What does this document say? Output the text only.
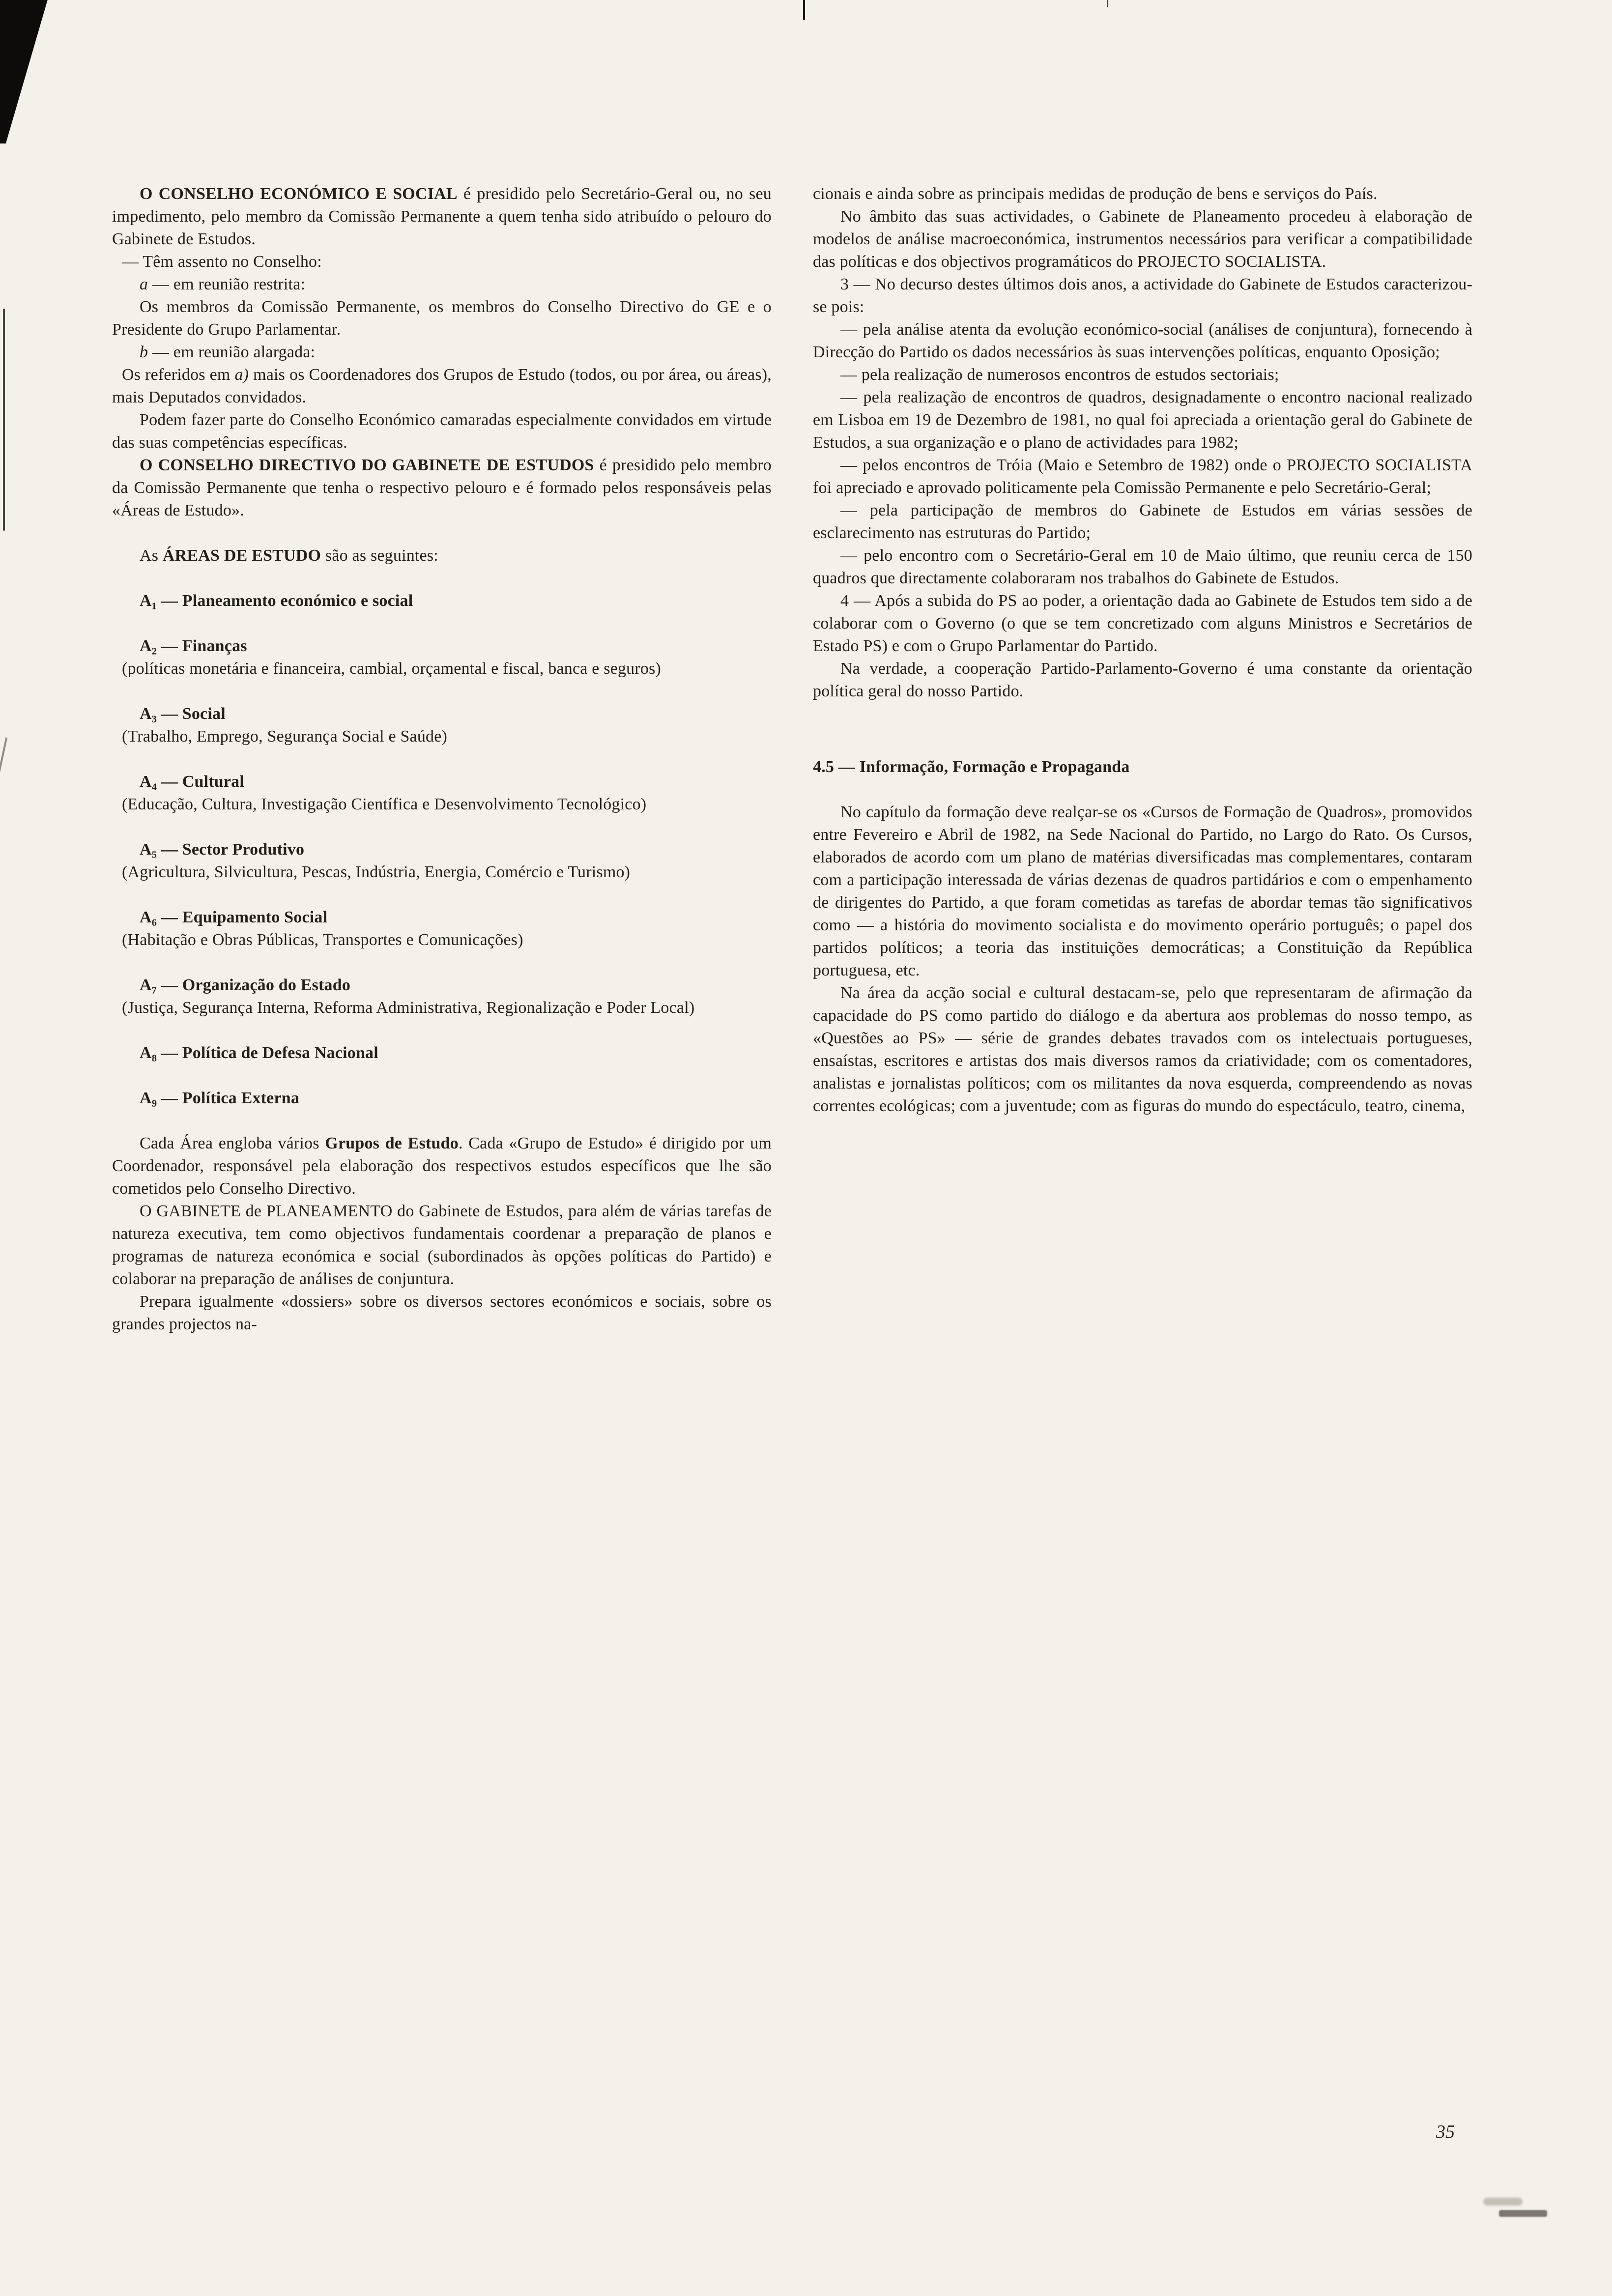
O CONSELHO ECONÓMICO E SOCIAL é presidido pelo Secretário-Geral ou, no seu impedimento, pelo membro da Comissão Permanente a quem tenha sido atribuído o pelouro do Gabinete de Estudos.

— Têm assento no Conselho:

a — em reunião restrita:

Os membros da Comissão Permanente, os membros do Conselho Directivo do GE e o Presidente do Grupo Parlamentar.

b — em reunião alargada:

Os referidos em a) mais os Coordenadores dos Grupos de Estudo (todos, ou por área, ou áreas), mais Deputados convidados.

Podem fazer parte do Conselho Económico camaradas especialmente convidados em virtude das suas competências específicas.

O CONSELHO DIRECTIVO DO GABINETE DE ESTUDOS é presidido pelo membro da Comissão Permanente que tenha o respectivo pelouro e é formado pelos responsáveis pelas «Áreas de Estudo».

As ÁREAS DE ESTUDO são as seguintes:

A₁ — Planeamento económico e social

A₂ — Finanças

(políticas monetária e financeira, cambial, orçamental e fiscal, banca e seguros)

A₃ — Social

(Trabalho, Emprego, Segurança Social e Saúde)

A₄ — Cultural

(Educação, Cultura, Investigação Científica e Desenvolvimento Tecnológico)

A₅ — Sector Produtivo

(Agricultura, Silvicultura, Pescas, Indústria, Energia, Comércio e Turismo)

A₆ — Equipamento Social

(Habitação e Obras Públicas, Transportes e Comunicações)

A₇ — Organização do Estado

(Justiça, Segurança Interna, Reforma Administrativa, Regionalização e Poder Local)

A₈ — Política de Defesa Nacional

A₉ — Política Externa

Cada Área engloba vários Grupos de Estudo. Cada «Grupo de Estudo» é dirigido por um Coordenador, responsável pela elaboração dos respectivos estudos específicos que lhe são cometidos pelo Conselho Directivo.

O GABINETE de PLANEAMENTO do Gabinete de Estudos, para além de várias tarefas de natureza executiva, tem como objectivos fundamentais coordenar a preparação de planos e programas de natureza económica e social (subordinados às opções políticas do Partido) e colaborar na preparação de análises de conjuntura.

Prepara igualmente «dossiers» sobre os diversos sectores económicos e sociais, sobre os grandes projectos na-

cionais e ainda sobre as principais medidas de produção de bens e serviços do País.

No âmbito das suas actividades, o Gabinete de Planeamento procedeu à elaboração de modelos de análise macroeconómica, instrumentos necessários para verificar a compatibilidade das políticas e dos objectivos programáticos do PROJECTO SOCIALISTA.

3 — No decurso destes últimos dois anos, a actividade do Gabinete de Estudos caracterizou-se pois:

— pela análise atenta da evolução económico-social (análises de conjuntura), fornecendo à Direcção do Partido os dados necessários às suas intervenções políticas, enquanto Oposição;

— pela realização de numerosos encontros de estudos sectoriais;

— pela realização de encontros de quadros, designadamente o encontro nacional realizado em Lisboa em 19 de Dezembro de 1981, no qual foi apreciada a orientação geral do Gabinete de Estudos, a sua organização e o plano de actividades para 1982;

— pelos encontros de Tróia (Maio e Setembro de 1982) onde o PROJECTO SOCIALISTA foi apreciado e aprovado politicamente pela Comissão Permanente e pelo Secretário-Geral;

— pela participação de membros do Gabinete de Estudos em várias sessões de esclarecimento nas estruturas do Partido;

— pelo encontro com o Secretário-Geral em 10 de Maio último, que reuniu cerca de 150 quadros que directamente colaboraram nos trabalhos do Gabinete de Estudos.

4 — Após a subida do PS ao poder, a orientação dada ao Gabinete de Estudos tem sido a de colaborar com o Governo (o que se tem concretizado com alguns Ministros e Secretários de Estado PS) e com o Grupo Parlamentar do Partido.

Na verdade, a cooperação Partido-Parlamento-Governo é uma constante da orientação política geral do nosso Partido.

4.5 — Informação, Formação e Propaganda

No capítulo da formação deve realçar-se os «Cursos de Formação de Quadros», promovidos entre Fevereiro e Abril de 1982, na Sede Nacional do Partido, no Largo do Rato. Os Cursos, elaborados de acordo com um plano de matérias diversificadas mas complementares, contaram com a participação interessada de várias dezenas de quadros partidários e com o empenhamento de dirigentes do Partido, a que foram cometidas as tarefas de abordar temas tão significativos como — a história do movimento socialista e do movimento operário português; o papel dos partidos políticos; a teoria das instituições democráticas; a Constituição da República portuguesa, etc.

Na área da acção social e cultural destacam-se, pelo que representaram de afirmação da capacidade do PS como partido do diálogo e da abertura aos problemas do nosso tempo, as «Questões ao PS» — série de grandes debates travados com os intelectuais portugueses, ensaístas, escritores e artistas dos mais diversos ramos da criatividade; com os comentadores, analistas e jornalistas políticos; com os militantes da nova esquerda, compreendendo as novas correntes ecológicas; com a juventude; com as figuras do mundo do espectáculo, teatro, cinema,

35
